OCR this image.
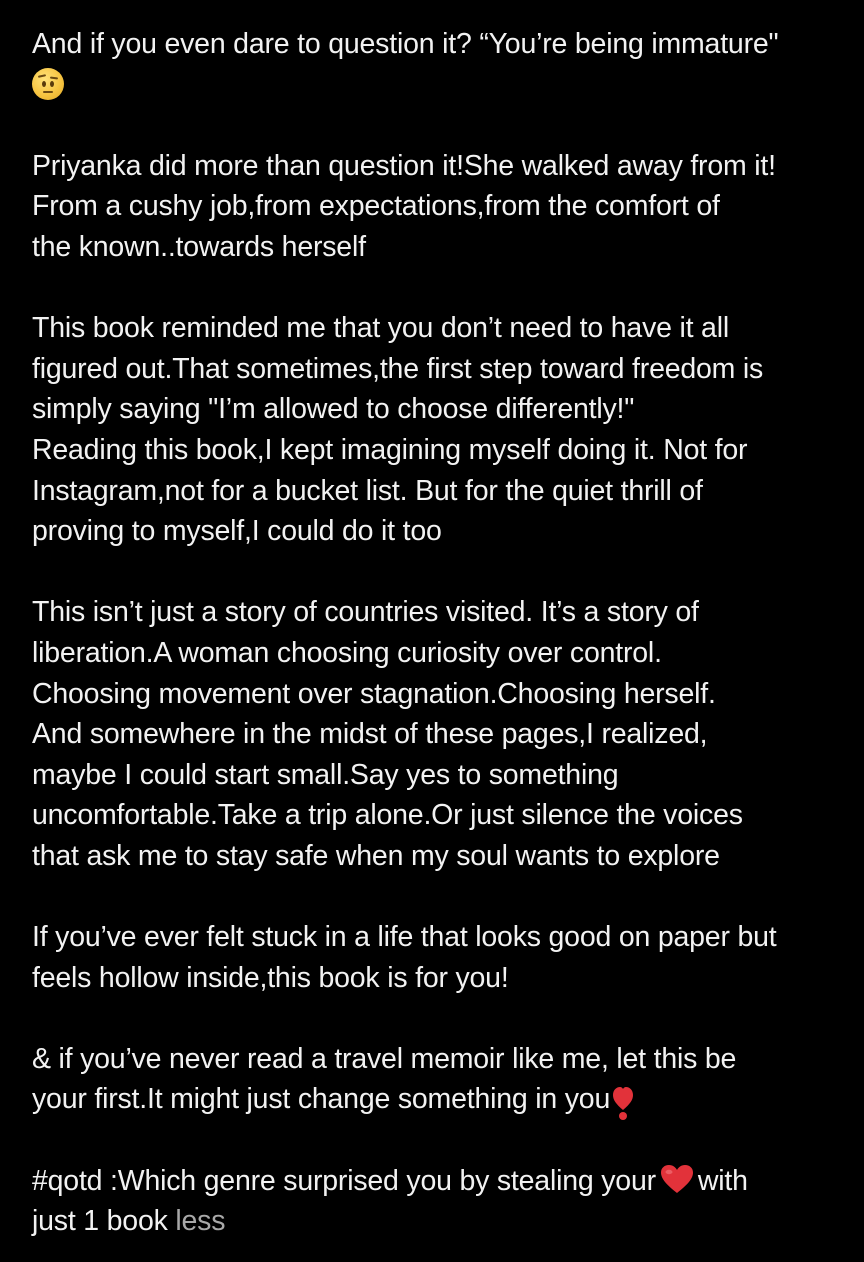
And if you even dare to question it? “You’re being immature"
Priyanka did more than question it!She walked away from it!
From a cushy job,from expectations,from the comfort of
the known..towards herself
This book reminded me that you don’t need to have it all
figured out.That sometimes,the first step toward freedom is
simply saying "I’m allowed to choose differently!"
Reading this book,I kept imagining myself doing it. Not for
Instagram,not for a bucket list. But for the quiet thrill of
proving to myself,I could do it too
This isn’t just a story of countries visited. It’s a story of
liberation.A woman choosing curiosity over control.
Choosing movement over stagnation.Choosing herself.
And somewhere in the midst of these pages,I realized,
maybe I could start small.Say yes to something
uncomfortable.Take a trip alone.Or just silence the voices
that ask me to stay safe when my soul wants to explore
If you’ve ever felt stuck in a life that looks good on paper but
feels hollow inside,this book is for you!
& if you’ve never read a travel memoir like me, let this be
your first.It might just change something in you
#qotd :Which genre surprised you by stealing your with
just 1 book less
